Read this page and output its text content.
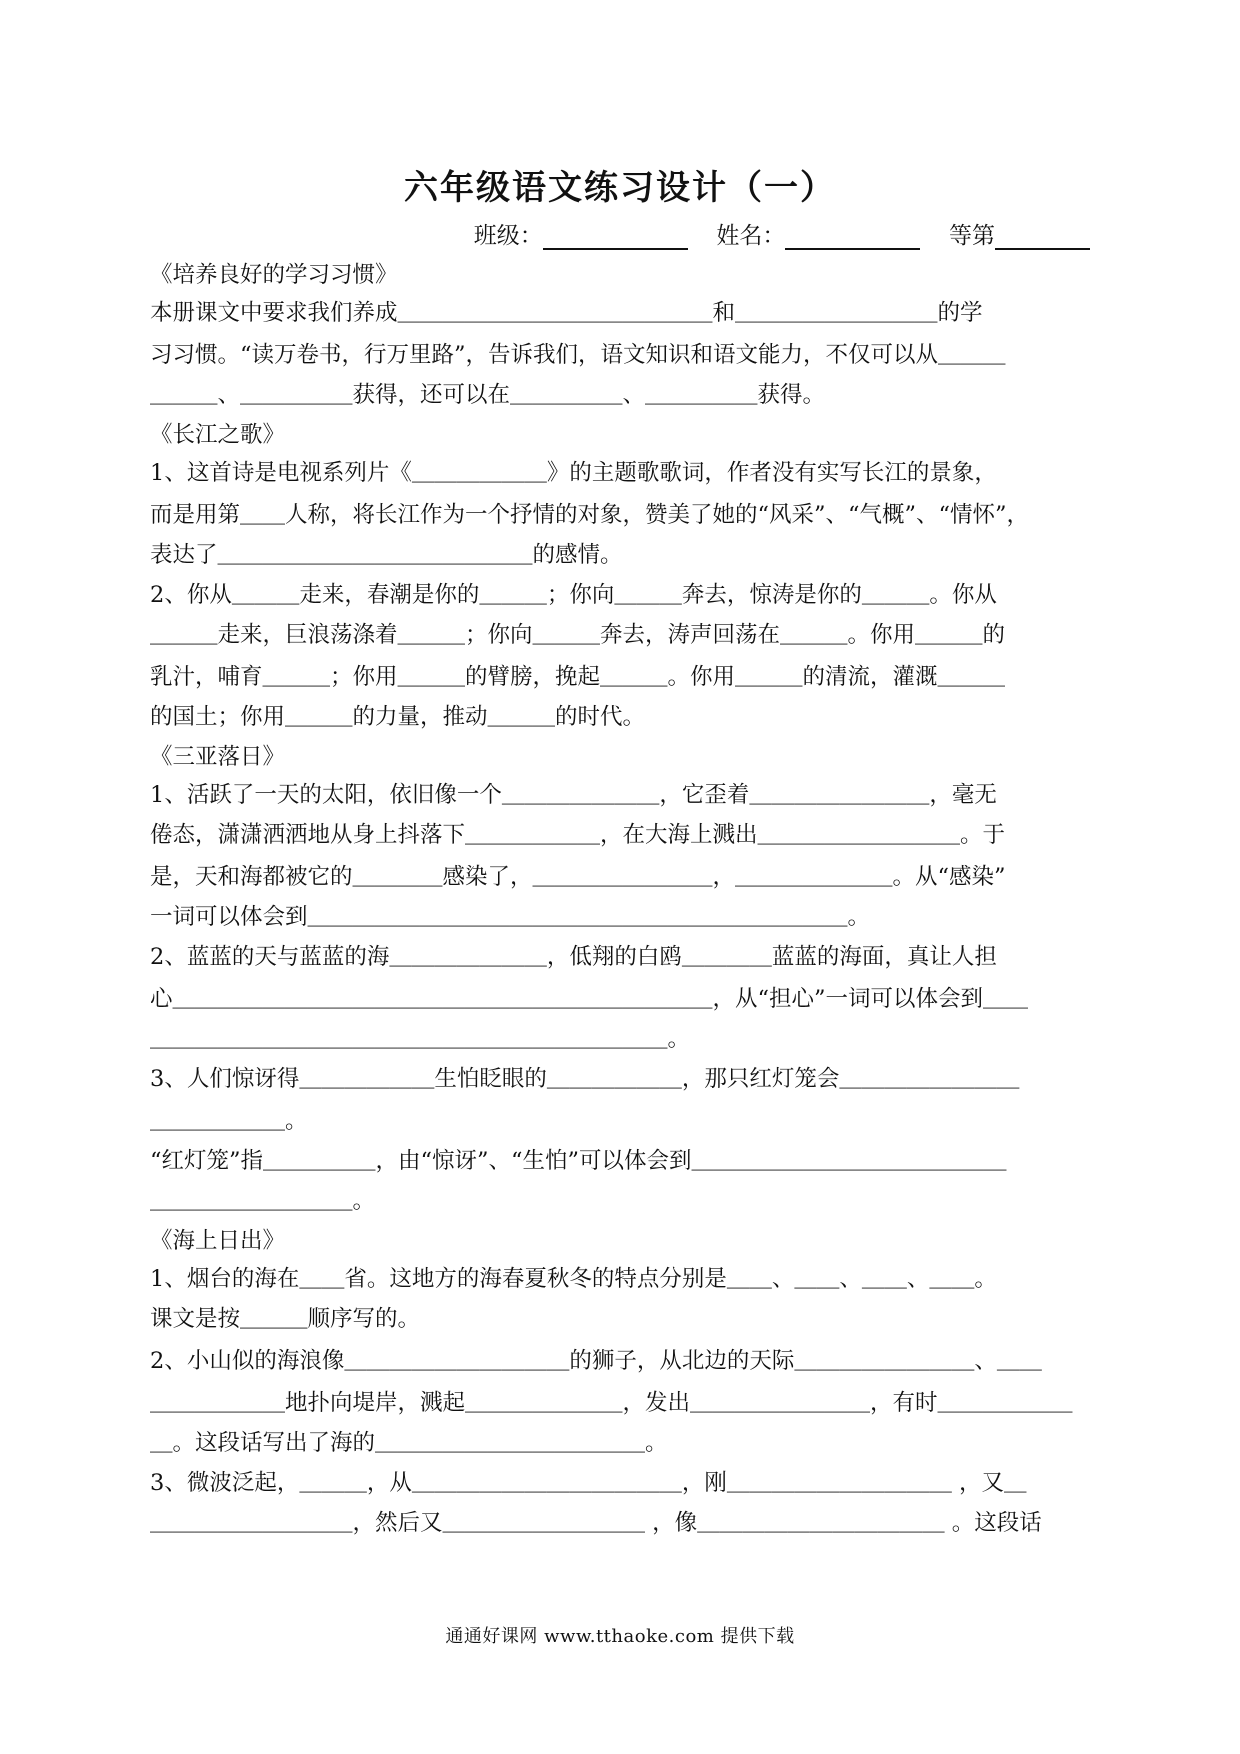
六年级语文练习设计（一）
班级：	姓名：	等第
《培养良好的学习习惯》
本册课文中要求我们养成＿＿＿＿＿＿＿＿＿＿＿＿＿＿和＿＿＿＿＿＿＿＿＿的学
习习惯。“读万卷书，行万里路”，告诉我们，语文知识和语文能力，不仅可以从＿＿＿
＿＿＿、＿＿＿＿＿获得，还可以在＿＿＿＿＿、＿＿＿＿＿获得。
《长江之歌》
1、这首诗是电视系列片《＿＿＿＿＿＿》的主题歌歌词，作者没有实写长江的景象，
而是用第＿＿人称，将长江作为一个抒情的对象，赞美了她的“风采”、“气概”、“情怀”，
表达了＿＿＿＿＿＿＿＿＿＿＿＿＿＿的感情。
2、你从＿＿＿走来，春潮是你的＿＿＿；你向＿＿＿奔去，惊涛是你的＿＿＿。你从
＿＿＿走来，巨浪荡涤着＿＿＿；你向＿＿＿奔去，涛声回荡在＿＿＿。你用＿＿＿的
乳汁，哺育＿＿＿；你用＿＿＿的臂膀，挽起＿＿＿。你用＿＿＿的清流，灌溉＿＿＿
的国土；你用＿＿＿的力量，推动＿＿＿的时代。
《三亚落日》
1、活跃了一天的太阳，依旧像一个＿＿＿＿＿＿＿，它歪着＿＿＿＿＿＿＿＿，毫无
倦态，潇潇洒洒地从身上抖落下＿＿＿＿＿＿，在大海上溅出＿＿＿＿＿＿＿＿＿。于
是，天和海都被它的＿＿＿＿感染了，＿＿＿＿＿＿＿＿，＿＿＿＿＿＿＿。从“感染”
一词可以体会到＿＿＿＿＿＿＿＿＿＿＿＿＿＿＿＿＿＿＿＿＿＿＿＿。
2、蓝蓝的天与蓝蓝的海＿＿＿＿＿＿＿，低翔的白鸥＿＿＿＿蓝蓝的海面，真让人担
心＿＿＿＿＿＿＿＿＿＿＿＿＿＿＿＿＿＿＿＿＿＿＿＿，从“担心”一词可以体会到＿＿
＿＿＿＿＿＿＿＿＿＿＿＿＿＿＿＿＿＿＿＿＿＿＿。
3、人们惊讶得＿＿＿＿＿＿生怕眨眼的＿＿＿＿＿＿，那只红灯笼会＿＿＿＿＿＿＿＿
＿＿＿＿＿＿。
“红灯笼”指＿＿＿＿＿，由“惊讶”、“生怕”可以体会到＿＿＿＿＿＿＿＿＿＿＿＿＿＿
＿＿＿＿＿＿＿＿＿。
《海上日出》
1、烟台的海在＿＿省。这地方的海春夏秋冬的特点分别是＿＿、＿＿、＿＿、＿＿。
课文是按＿＿＿顺序写的。
2、小山似的海浪像＿＿＿＿＿＿＿＿＿＿的狮子，从北边的天际＿＿＿＿＿＿＿＿、＿＿
＿＿＿＿＿＿地扑向堤岸，溅起＿＿＿＿＿＿＿，发出＿＿＿＿＿＿＿＿，有时＿＿＿＿＿＿
＿。这段话写出了海的＿＿＿＿＿＿＿＿＿＿＿＿。
3、微波泛起，＿＿＿，从＿＿＿＿＿＿＿＿＿＿＿＿，刚＿＿＿＿＿＿＿＿＿＿ ，又＿
＿＿＿＿＿＿＿＿＿，然后又＿＿＿＿＿＿＿＿＿ ，像＿＿＿＿＿＿＿＿＿＿＿ 。这段话
通通好课网 www.tthaoke.com 提供下载
